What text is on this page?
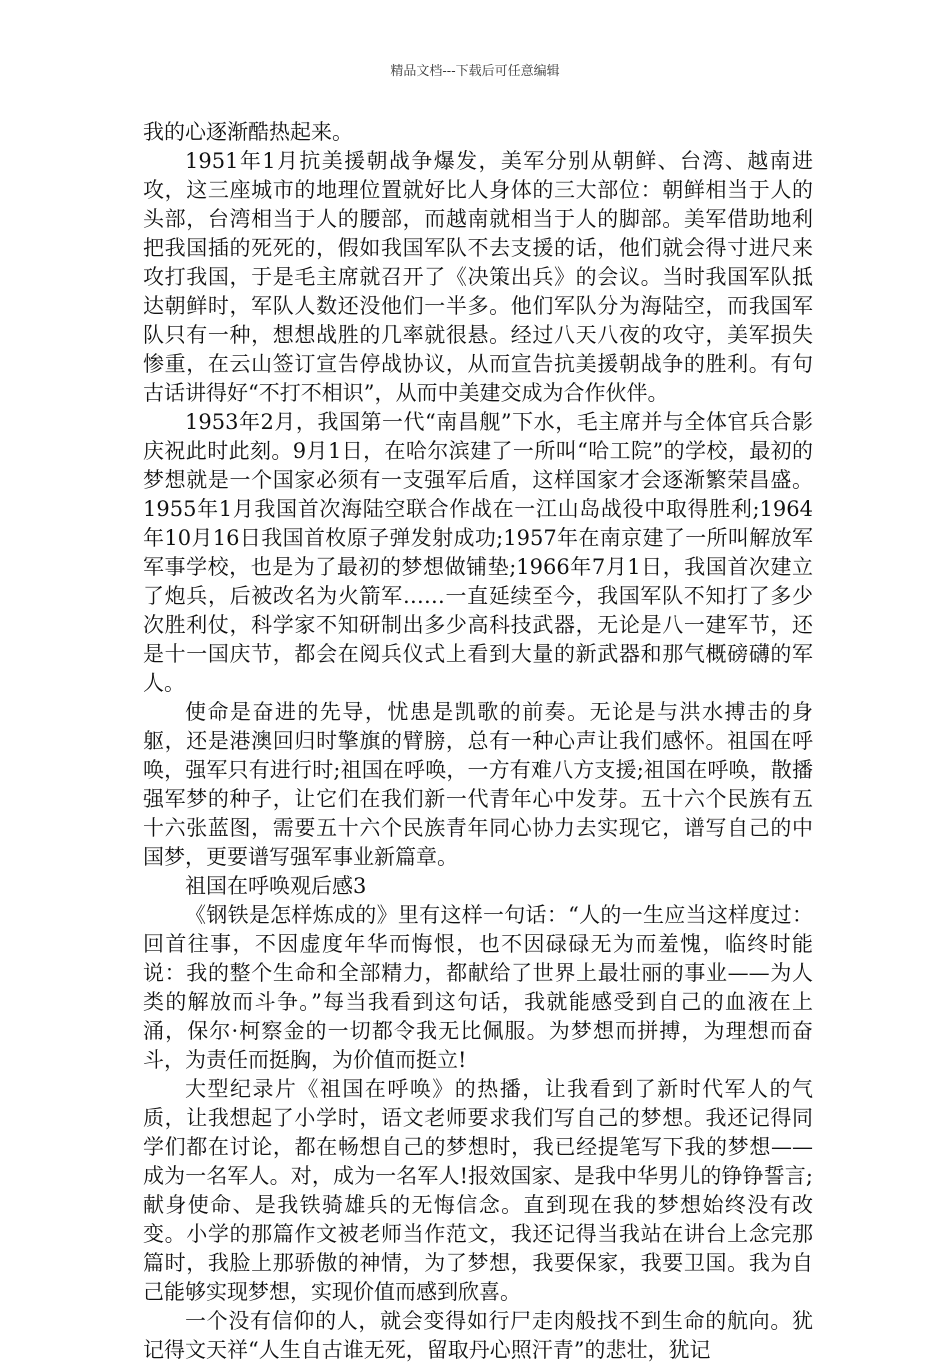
精品文档---下载后可任意编辑

我的心逐渐酷热起来。

1951年1月抗美援朝战争爆发，美军分别从朝鲜、台湾、越南进攻，这三座城市的地理位置就好比人身体的三大部位：朝鲜相当于人的头部，台湾相当于人的腰部，而越南就相当于人的脚部。美军借助地利把我国插的死死的，假如我国军队不去支援的话，他们就会得寸进尺来攻打我国，于是毛主席就召开了《决策出兵》的会议。当时我国军队抵达朝鲜时，军队人数还没他们一半多。他们军队分为海陆空，而我国军队只有一种，想想战胜的几率就很悬。经过八天八夜的攻守，美军损失惨重，在云山签订宣告停战协议，从而宣告抗美援朝战争的胜利。有句古话讲得好“不打不相识”，从而中美建交成为合作伙伴。

1953年2月，我国第一代“南昌舰”下水，毛主席并与全体官兵合影庆祝此时此刻。9月1日，在哈尔滨建了一所叫“哈工院”的学校，最初的梦想就是一个国家必须有一支强军后盾，这样国家才会逐渐繁荣昌盛。1955年1月我国首次海陆空联合作战在一江山岛战役中取得胜利;1964年10月16日我国首枚原子弹发射成功;1957年在南京建了一所叫解放军军事学校，也是为了最初的梦想做铺垫;1966年7月1日，我国首次建立了炮兵，后被改名为火箭军……一直延续至今，我国军队不知打了多少次胜利仗，科学家不知研制出多少高科技武器，无论是八一建军节，还是十一国庆节，都会在阅兵仪式上看到大量的新武器和那气概磅礴的军人。

使命是奋进的先导，忧患是凯歌的前奏。无论是与洪水搏击的身躯，还是港澳回归时擎旗的臂膀，总有一种心声让我们感怀。祖国在呼唤，强军只有进行时;祖国在呼唤，一方有难八方支援;祖国在呼唤，散播强军梦的种子，让它们在我们新一代青年心中发芽。五十六个民族有五十六张蓝图，需要五十六个民族青年同心协力去实现它，谱写自己的中国梦，更要谱写强军事业新篇章。

祖国在呼唤观后感3

《钢铁是怎样炼成的》里有这样一句话：“人的一生应当这样度过：回首往事，不因虚度年华而悔恨，也不因碌碌无为而羞愧，临终时能说：我的整个生命和全部精力，都献给了世界上最壮丽的事业——为人类的解放而斗争。”每当我看到这句话，我就能感受到自己的血液在上涌，保尔·柯察金的一切都令我无比佩服。为梦想而拼搏，为理想而奋斗，为责任而挺胸，为价值而挺立!

大型纪录片《祖国在呼唤》的热播，让我看到了新时代军人的气质，让我想起了小学时，语文老师要求我们写自己的梦想。我还记得同学们都在讨论，都在畅想自己的梦想时，我已经提笔写下我的梦想——成为一名军人。对，成为一名军人!报效国家、是我中华男儿的铮铮誓言;献身使命、是我铁骑雄兵的无悔信念。直到现在我的梦想始终没有改变。小学的那篇作文被老师当作范文，我还记得当我站在讲台上念完那篇时，我脸上那骄傲的神情，为了梦想，我要保家，我要卫国。我为自己能够实现梦想，实现价值而感到欣喜。

一个没有信仰的人，就会变得如行尸走肉般找不到生命的航向。犹记得文天祥“人生自古谁无死，留取丹心照汗青”的悲壮，犹记
